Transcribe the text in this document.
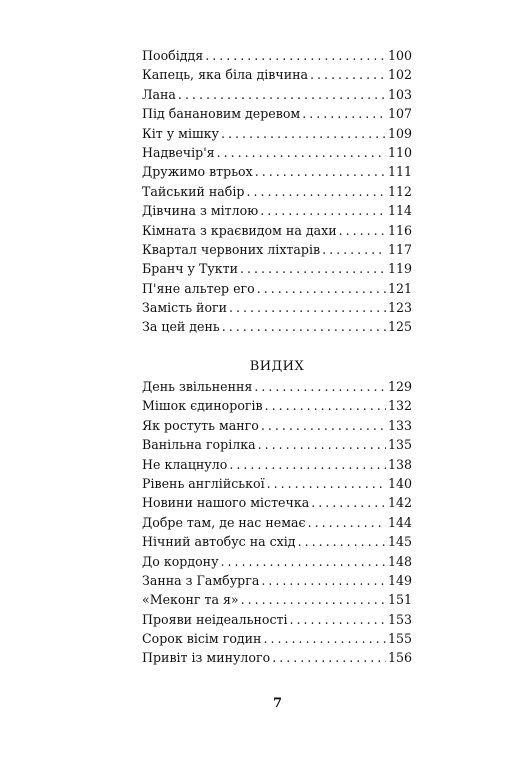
Пообіддя . . .	100
Капець, яка біла дівчина . . .	102
Лана . . .	103
Під банановим деревом . . .	107
Кіт у мішку . . .	109
Надвечір'я . . .	110
Дружимо втрьох . . .	111
Тайський набір . . .	112
Дівчина з мітлою . . .	114
Кімната з краєвидом на дахи . . .	116
Квартал червоних ліхтарів . . .	117
Бранч у Тукти . . .	119
П'яне альтер его . . .	121
Замість йоги . . .	123
За цей день . . .	125
ВИДИХ
День звільнення . . .	129
Мішок єдинорогів . . .	132
Як ростуть манго . . .	133
Ванільна горілка . . .	135
Не клацнуло . . .	138
Рівень англійської . . .	140
Новини нашого містечка . . .	142
Добре там, де нас немає . . .	144
Нічний автобус на схід . . .	145
До кордону . . .	148
Занна з Гамбурга . . .	149
«Меконг та я» . . .	151
Прояви неідеальності . . .	153
Сорок вісім годин . . .	155
Привіт із минулого . . .	156
7
